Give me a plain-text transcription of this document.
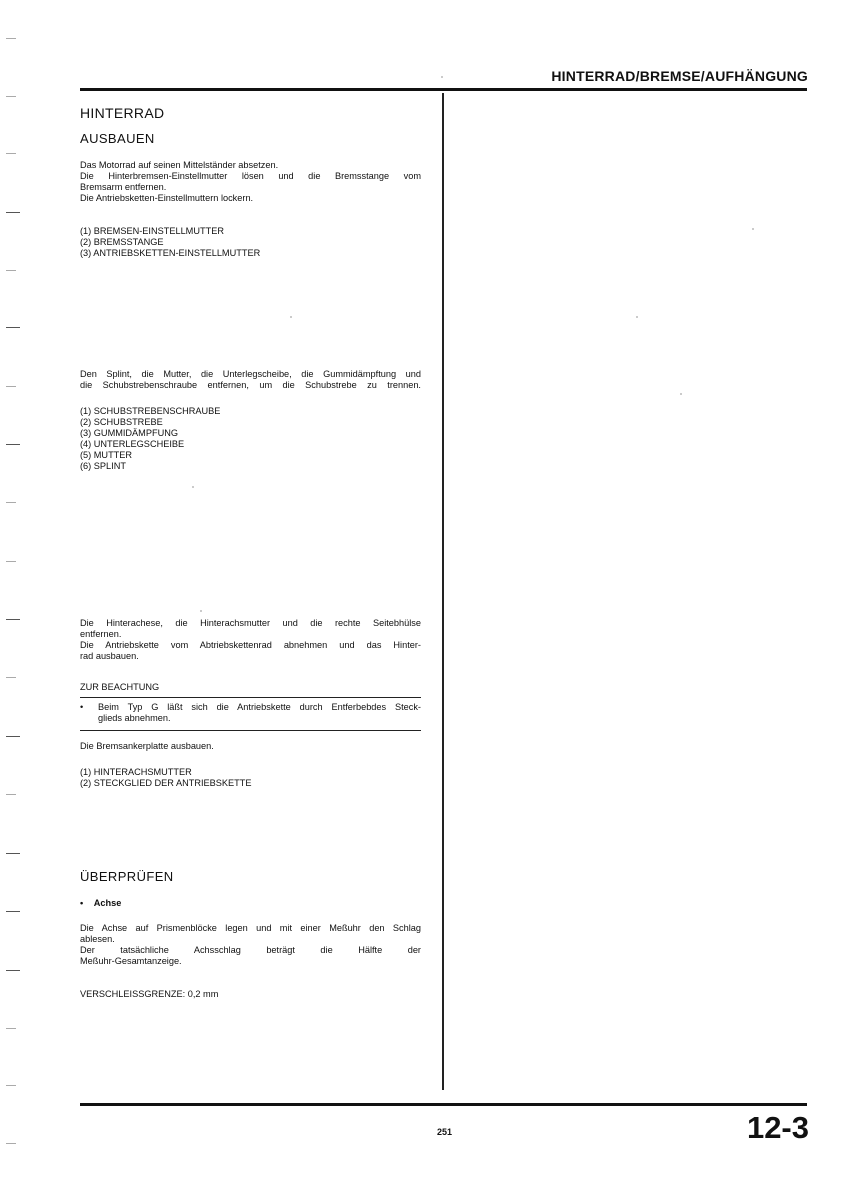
HINTERRAD/BREMSE/AUFHÄNGUNG
HINTERRAD
AUSBAUEN
Das Motorrad auf seinen Mittelständer absetzen.
Die Hinterbremsen-Einstellmutter lösen und die Bremsstange vom
Bremsarm entfernen.
Die Antriebsketten-Einstellmuttern lockern.
(1) BREMSEN-EINSTELLMUTTER
(2) BREMSSTANGE
(3) ANTRIEBSKETTEN-EINSTELLMUTTER
Den Splint, die Mutter, die Unterlegscheibe, die Gummidämpftung und
die Schubstrebenschraube entfernen, um die Schubstrebe zu trennen.
(1) SCHUBSTREBENSCHRAUBE
(2) SCHUBSTREBE
(3) GUMMIDÄMPFUNG
(4) UNTERLEGSCHEIBE
(5) MUTTER
(6) SPLINT
Die Hinterachese, die Hinterachsmutter und die rechte Seitebhülse
entfernen.
Die Antriebskette vom Abtriebskettenrad abnehmen und das Hinter-
rad ausbauen.
ZUR BEACHTUNG
• Beim Typ G läßt sich die Antriebskette durch Entferbebdes Steck-
glieds abnehmen.
Die Bremsankerplatte ausbauen.
(1) HINTERACHSMUTTER
(2) STECKGLIED DER ANTRIEBSKETTE
ÜBERPRÜFEN
• Achse
Die Achse auf Prismenblöcke legen und mit einer Meßuhr den Schlag
ablesen.
Der tatsächliche Achsschlag beträgt die Hälfte der
Meßuhr-Gesamtanzeige.
VERSCHLEISSGRENZE: 0,2 mm
251	12-3
